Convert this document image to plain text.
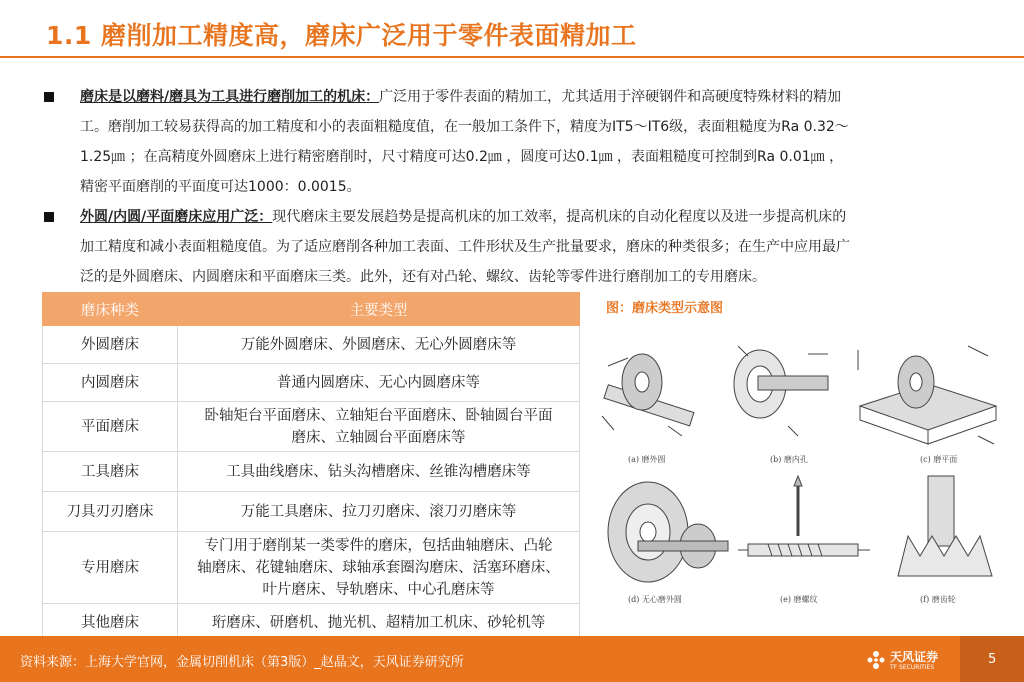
1.1 磨削加工精度高，磨床广泛用于零件表面精加工
磨床是以磨料/磨具为工具进行磨削加工的机床：广泛用于零件表面的精加工，尤其适用于淬硬钢件和高硬度特殊材料的精加
工。磨削加工较易获得高的加工精度和小的表面粗糙度值，在一般加工条件下，精度为IT5～IT6级，表面粗糙度为Ra 0.32～
1.25㎛ ；在高精度外圆磨床上进行精密磨削时，尺寸精度可达0.2㎛ ，圆度可达0.1㎛ ，表面粗糙度可控制到Ra 0.01㎛ ，
精密平面磨削的平面度可达1000：0.0015。
外圆/内圆/平面磨床应用广泛：现代磨床主要发展趋势是提高机床的加工效率，提高机床的自动化程度以及进一步提高机床的
加工精度和减小表面粗糙度值。为了适应磨削各种加工表面、工件形状及生产批量要求，磨床的种类很多；在生产中应用最广
泛的是外圆磨床、内圆磨床和平面磨床三类。此外，还有对凸轮、螺纹、齿轮等零件进行磨削加工的专用磨床。
磨床种类	主要类型
外圆磨床	万能外圆磨床、外圆磨床、无心外圆磨床等

内圆磨床	普通内圆磨床、无心内圆磨床等

平面磨床	卧轴矩台平面磨床、立轴矩台平面磨床、卧轴圆台平面
磨床、立轴圆台平面磨床等

工具磨床	工具曲线磨床、钻头沟槽磨床、丝锥沟槽磨床等

刀具刃刃磨床	万能工具磨床、拉刀刃磨床、滚刀刃磨床等

专用磨床	专门用于磨削某一类零件的磨床，包括曲轴磨床、凸轮
轴磨床、花键轴磨床、球轴承套圈沟磨床、活塞环磨床、
叶片磨床、导轨磨床、中心孔磨床等

其他磨床	珩磨床、研磨机、抛光机、超精加工机床、砂轮机等
图：磨床类型示意图
(a) 磨外圆	(b) 磨内孔	(c) 磨平面
(d) 无心磨外圆	(e) 磨螺纹	(f) 磨齿轮
资料来源：上海大学官网，金属切削机床（第3版）_赵晶文，天风证券研究所	天风证券
TF SECURITIES
5
